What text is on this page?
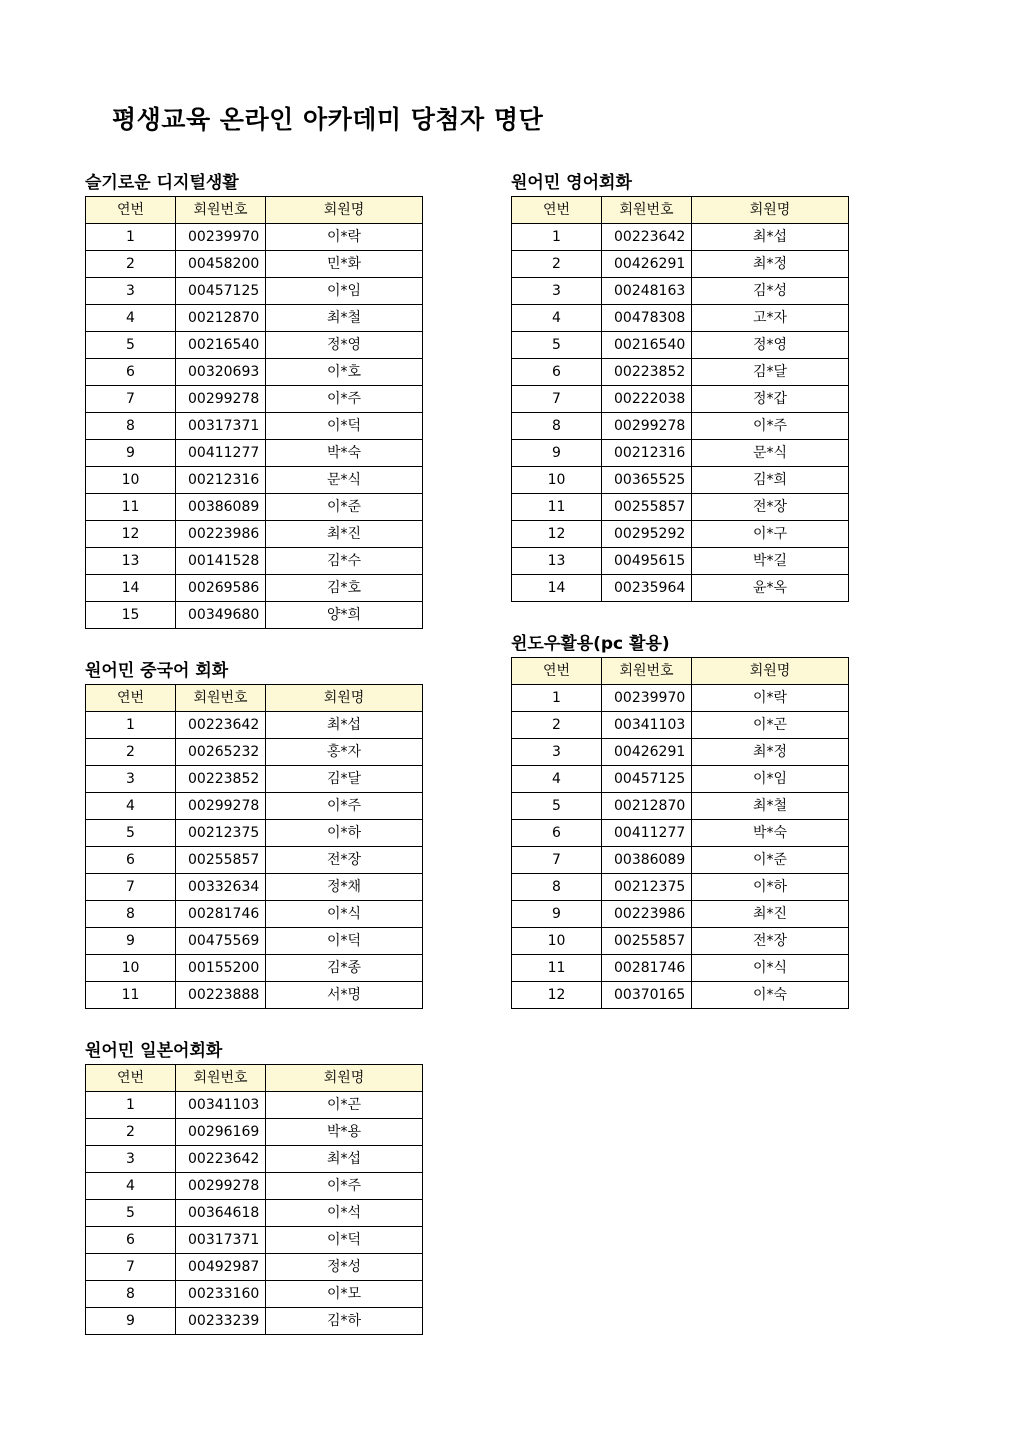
평생교육 온라인 아카데미 당첨자 명단
슬기로운 디지털생활
연번	회원번호	회원명
1	00239970	이*락
2	00458200	민*화
3	00457125	이*임
4	00212870	최*철
5	00216540	정*영
6	00320693	이*호
7	00299278	이*주
8	00317371	이*덕
9	00411277	박*숙
10	00212316	문*식
11	00386089	이*준
12	00223986	최*진
13	00141528	김*수
14	00269586	김*호
15	00349680	양*희
원어민 영어회화
연번	회원번호	회원명
1	00223642	최*섭
2	00426291	최*정
3	00248163	김*성
4	00478308	고*자
5	00216540	정*영
6	00223852	김*달
7	00222038	정*갑
8	00299278	이*주
9	00212316	문*식
10	00365525	김*희
11	00255857	전*장
12	00295292	이*구
13	00495615	박*길
14	00235964	윤*옥
원어민 중국어 회화
연번	회원번호	회원명
1	00223642	최*섭
2	00265232	홍*자
3	00223852	김*달
4	00299278	이*주
5	00212375	이*하
6	00255857	전*장
7	00332634	정*채
8	00281746	이*식
9	00475569	이*덕
10	00155200	김*종
11	00223888	서*명
윈도우활용(pc 활용)
연번	회원번호	회원명
1	00239970	이*락
2	00341103	이*곤
3	00426291	최*정
4	00457125	이*임
5	00212870	최*철
6	00411277	박*숙
7	00386089	이*준
8	00212375	이*하
9	00223986	최*진
10	00255857	전*장
11	00281746	이*식
12	00370165	이*숙
원어민 일본어회화
연번	회원번호	회원명
1	00341103	이*곤
2	00296169	박*용
3	00223642	최*섭
4	00299278	이*주
5	00364618	이*석
6	00317371	이*덕
7	00492987	정*성
8	00233160	이*모
9	00233239	김*하
